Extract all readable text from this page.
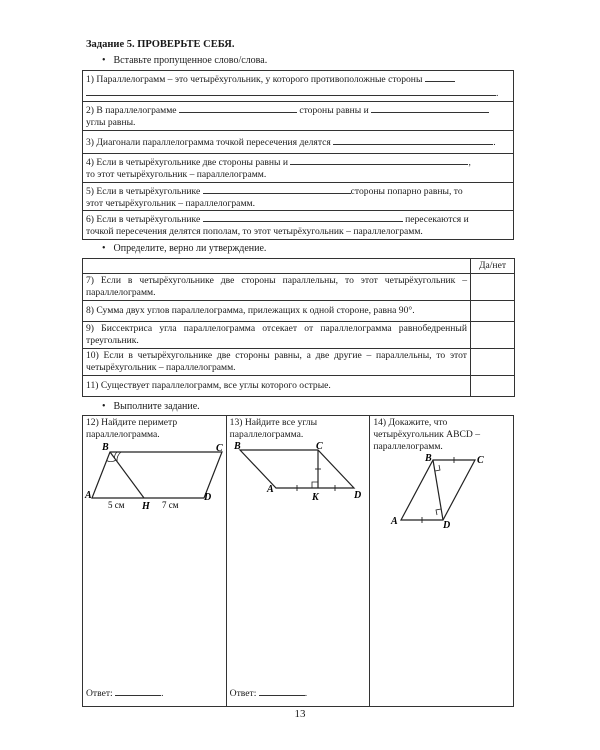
Задание 5. ПРОВЕРЬТЕ СЕБЯ.
• Вставьте пропущенное слово/слова.
1) Параллелограмм – это четырёхугольник, у которого противоположные стороны
.
2) В параллелограмме	стороны равны и
углы равны.
3) Диагонали параллелограмма точкой пересечения делятся	.
4) Если в четырёхугольнике две стороны равны и	,
то этот четырёхугольник – параллелограмм.
5) Если в четырёхугольнике	стороны попарно равны, то
этот четырёхугольник – параллелограмм.
6) Если в четырёхугольнике	пересекаются и
точкой пересечения делятся пополам, то этот четырёхугольник – параллелограмм.
• Определите, верно ли утверждение.
	Да/нет
7) Если в четырёхугольнике две стороны параллельны, то этот четырёхугольник – параллелограмм.	
8) Сумма двух углов параллелограмма, прилежащих к одной стороне, равна 90°.	
9) Биссектриса угла параллелограмма отсекает от параллелограмма равнобедренный треугольник.	
10) Если в четырёхугольнике две стороны равны, а две другие – параллельны, то этот четырёхугольник – параллелограмм.	
11) Существует параллелограмм, все углы которого острые.	
• Выполните задание.
12) Найдите периметр параллелограмма.
B	C
A	D
H
5 см	7 см
Ответ:	.

13) Найдите все углы параллелограмма.
B	C
A
D
K
Ответ:	.

14) Докажите, что четырёхугольник ABCD – параллелограмм.
B	C
A	D
13
